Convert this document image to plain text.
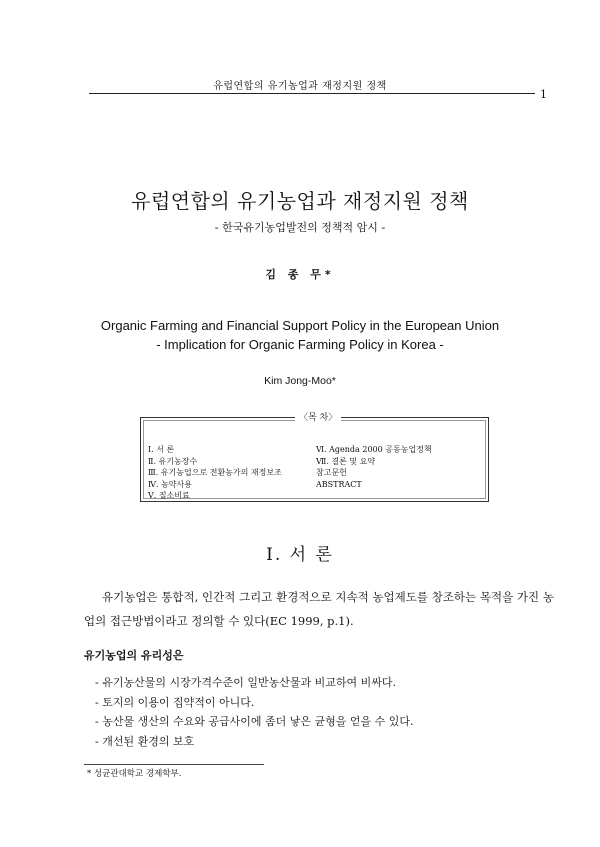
유럽연합의 유기농업과 재정지원 정책
1
유럽연합의 유기농업과 재정지원 정책
- 한국유기농업발전의 정책적 암시 -
김 종 무*
Organic Farming and Financial Support Policy in the European Union
- Implication for Organic Farming Policy in Korea -
Kim Jong-Moo*
〈목 차〉
Ⅰ. 서 론
Ⅱ. 유기농장수
Ⅲ. 유기농업으로 전환농가의 재정보조
Ⅳ. 농약사용
Ⅴ. 질소비료
Ⅵ. Agenda 2000 공동농업정책
Ⅶ. 결론 및 요약
참고문헌
ABSTRACT
Ⅰ. 서 론
유기농업은 통합적, 인간적 그리고 환경적으로 지속적 농업제도를 창조하는 목적을 가진 농업의 접근방법이라고 정의할 수 있다(EC 1999, p.1).
유기농업의 유리성은
- 유기농산물의 시장가격수준이 일반농산물과 비교하여 비싸다.
- 토지의 이용이 집약적이 아니다.
- 농산물 생산의 수요와 공급사이에 좀더 낳은 균형을 얻을 수 있다.
- 개선된 환경의 보호
* 성균관대학교 경제학부.
